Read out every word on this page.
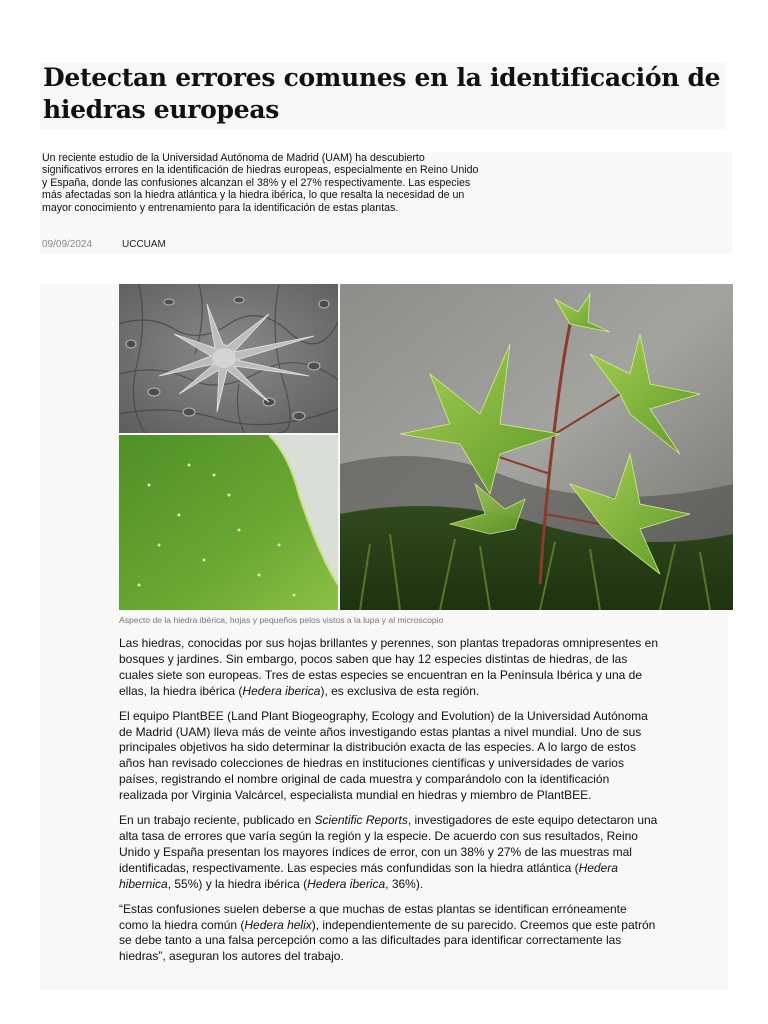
Detectan errores comunes en la identificación de hiedras europeas

Un reciente estudio de la Universidad Autónoma de Madrid (UAM) ha descubierto significativos errores en la identificación de hiedras europeas, especialmente en Reino Unido y España, donde las confusiones alcanzan el 38% y el 27% respectivamente. Las especies más afectadas son la hiedra atlántica y la hiedra ibérica, lo que resalta la necesidad de un mayor conocimiento y entrenamiento para la identificación de estas plantas.

09/09/2024	UCCUAM
Aspecto de la hiedra ibérica, hojas y pequeños pelos vistos a la lupa y al microscopio

Las hiedras, conocidas por sus hojas brillantes y perennes, son plantas trepadoras omnipresentes en bosques y jardines. Sin embargo, pocos saben que hay 12 especies distintas de hiedras, de las cuales siete son europeas. Tres de estas especies se encuentran en la Península Ibérica y una de ellas, la hiedra ibérica (Hedera iberica), es exclusiva de esta región.

El equipo PlantBEE (Land Plant Biogeography, Ecology and Evolution) de la Universidad Autónoma de Madrid (UAM) lleva más de veinte años investigando estas plantas a nivel mundial. Uno de sus principales objetivos ha sido determinar la distribución exacta de las especies. A lo largo de estos años han revisado colecciones de hiedras en instituciones científicas y universidades de varios países, registrando el nombre original de cada muestra y comparándolo con la identificación realizada por Virginia Valcárcel, especialista mundial en hiedras y miembro de PlantBEE.

En un trabajo reciente, publicado en Scientific Reports, investigadores de este equipo detectaron una alta tasa de errores que varía según la región y la especie. De acuerdo con sus resultados, Reino Unido y España presentan los mayores índices de error, con un 38% y 27% de las muestras mal identificadas, respectivamente. Las especies más confundidas son la hiedra atlántica (Hedera hibernica, 55%) y la hiedra ibérica (Hedera iberica, 36%).

“Estas confusiones suelen deberse a que muchas de estas plantas se identifican erróneamente como la hiedra común (Hedera helix), independientemente de su parecido. Creemos que este patrón se debe tanto a una falsa percepción como a las dificultades para identificar correctamente las hiedras”, aseguran los autores del trabajo.
